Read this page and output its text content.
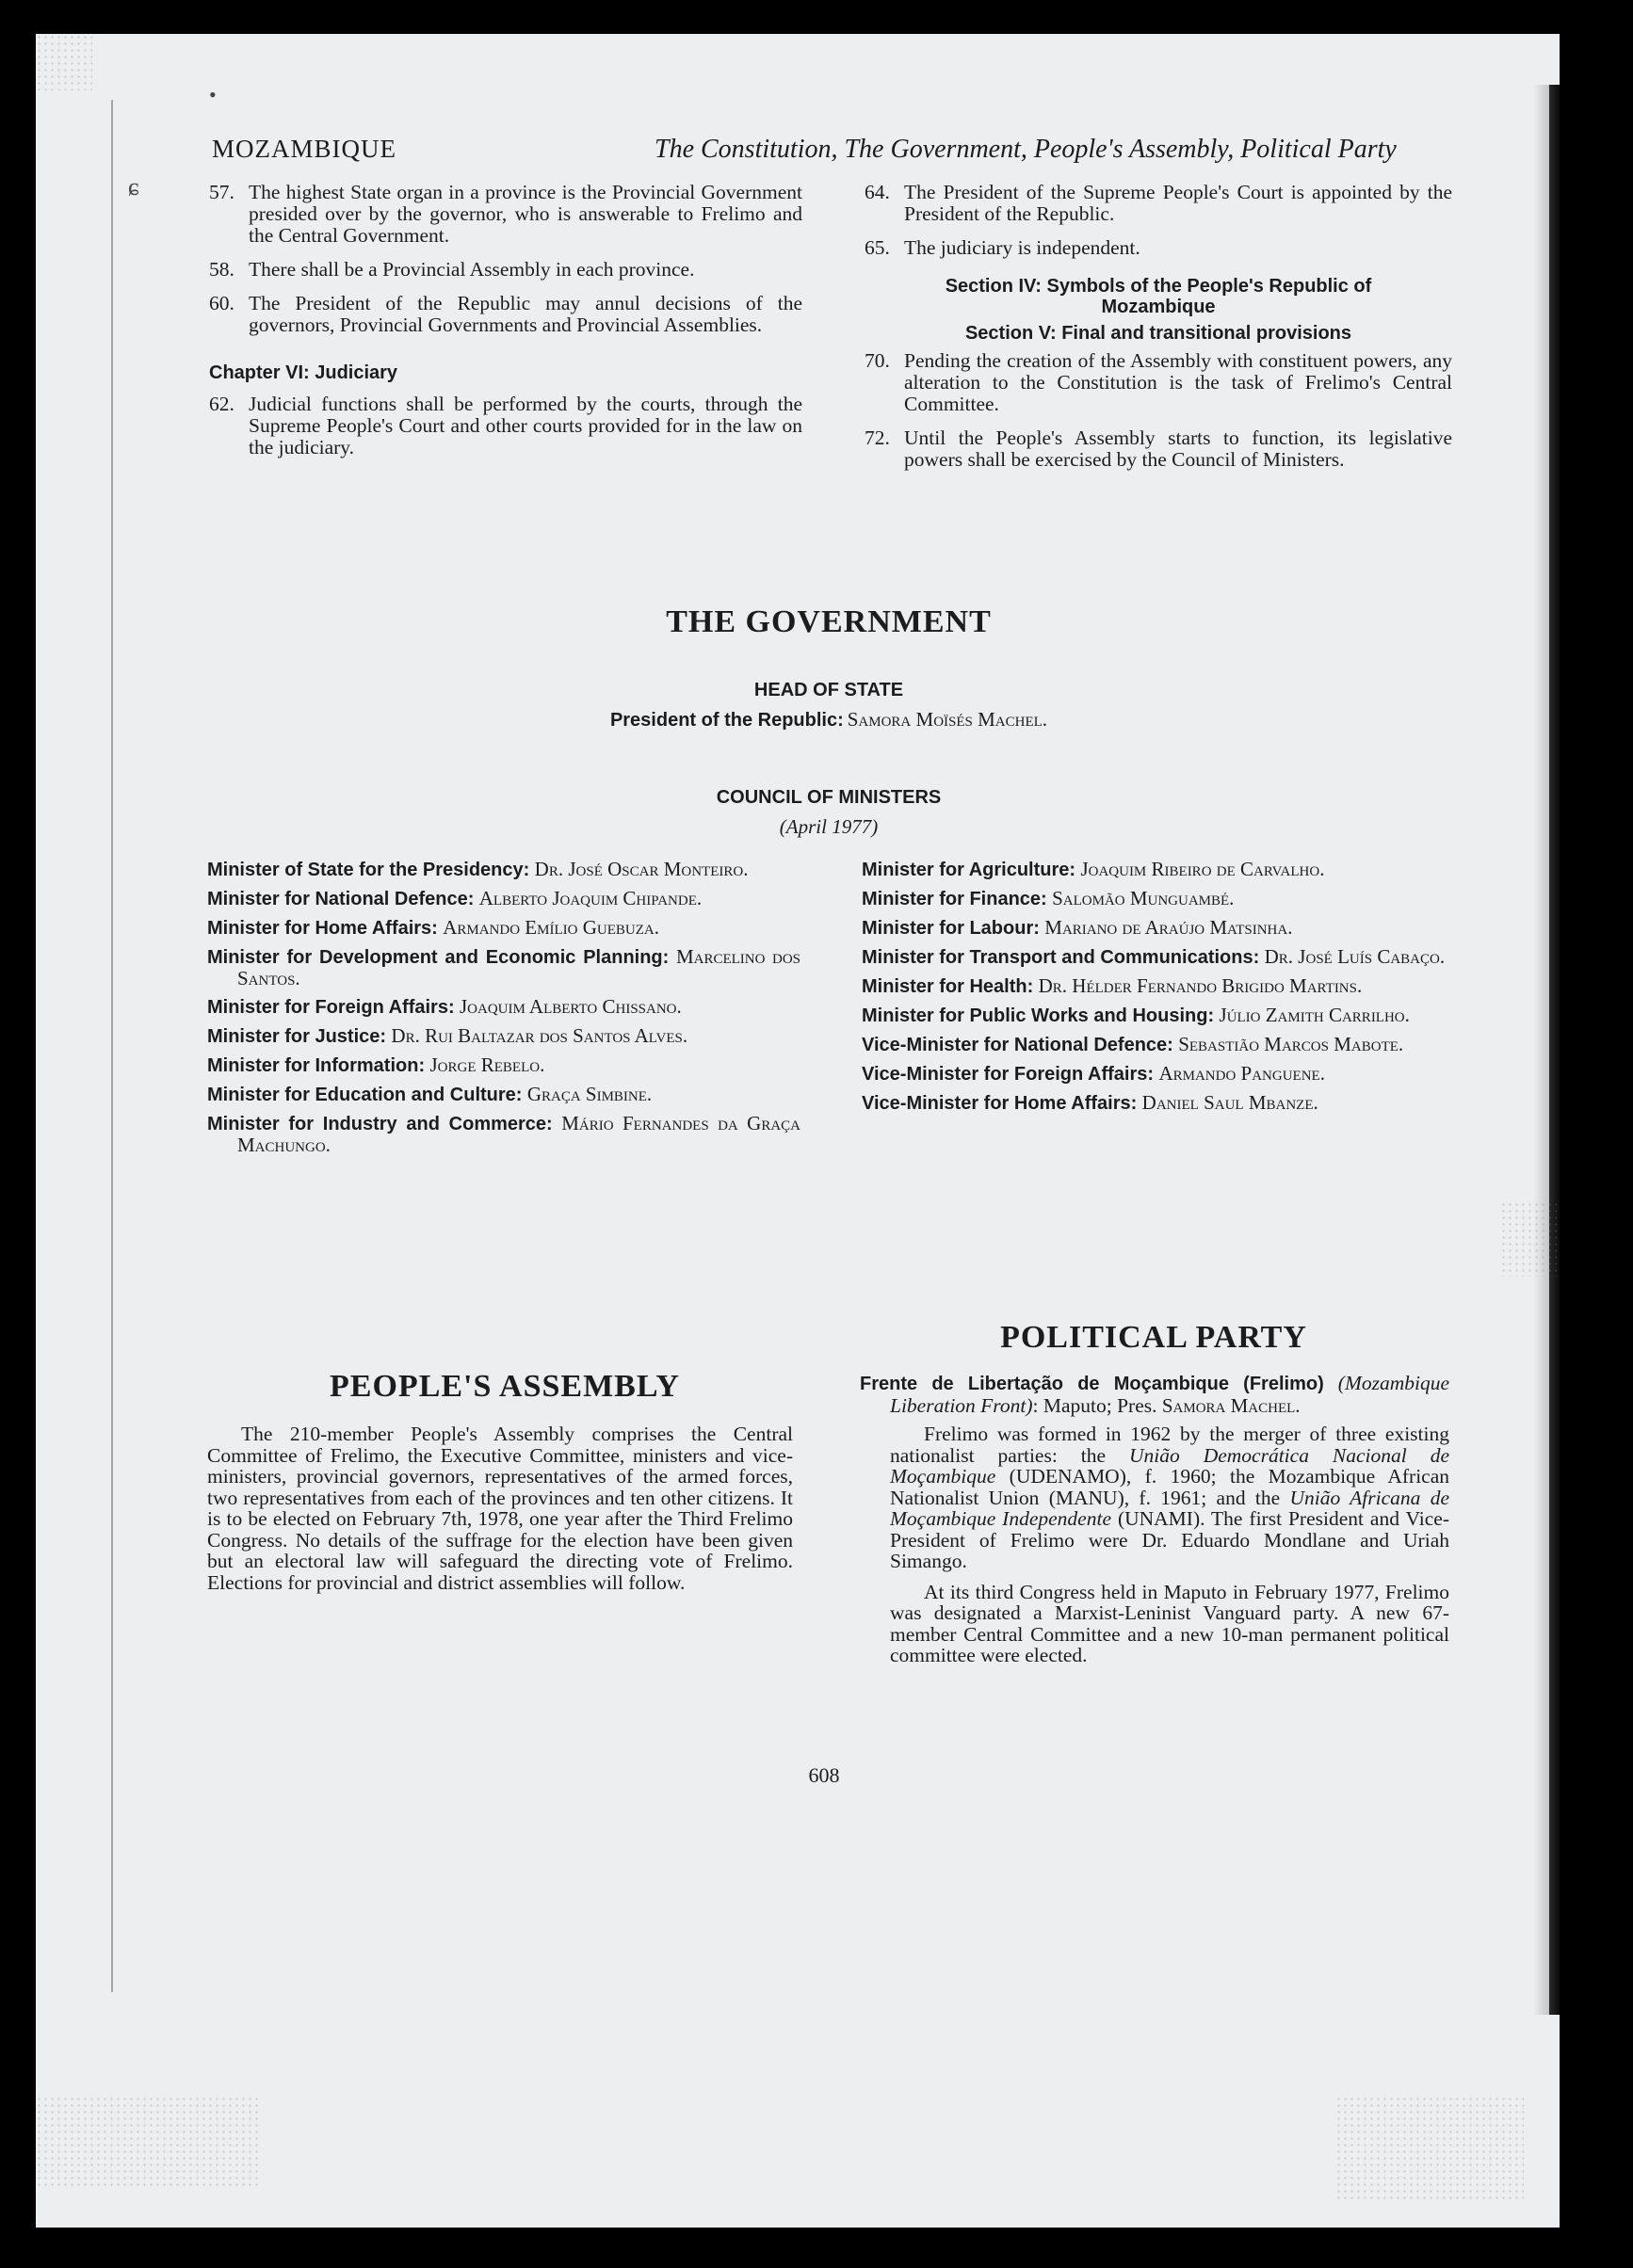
•
ɕ
MOZAMBIQUE	The Constitution, The Government, People's Assembly, Political Party
57. The highest State organ in a province is the Provincial Government presided over by the governor, who is answerable to Frelimo and the Central Government.
58. There shall be a Provincial Assembly in each province.
60. The President of the Republic may annul decisions of the governors, Provincial Governments and Provincial Assemblies.
Chapter VI: Judiciary
62. Judicial functions shall be performed by the courts, through the Supreme People's Court and other courts provided for in the law on the judiciary.
64. The President of the Supreme People's Court is appointed by the President of the Republic.
65. The judiciary is independent.
Section IV: Symbols of the People's Republic of Mozambique
Section V: Final and transitional provisions
70. Pending the creation of the Assembly with constituent powers, any alteration to the Constitution is the task of Frelimo's Central Committee.
72. Until the People's Assembly starts to function, its legislative powers shall be exercised by the Council of Ministers.
THE GOVERNMENT
HEAD OF STATE
President of the Republic: Samora Moïsés Machel.
COUNCIL OF MINISTERS
(April 1977)
Minister of State for the Presidency: Dr. José Oscar Monteiro.
Minister for National Defence: Alberto Joaquim Chipande.
Minister for Home Affairs: Armando Emílio Guebuza.
Minister for Development and Economic Planning: Marcelino dos Santos.
Minister for Foreign Affairs: Joaquim Alberto Chissano.
Minister for Justice: Dr. Rui Baltazar dos Santos Alves.
Minister for Information: Jorge Rebelo.
Minister for Education and Culture: Graça Simbine.
Minister for Industry and Commerce: Mário Fernandes da Graça Machungo.
Minister for Agriculture: Joaquim Ribeiro de Carvalho.
Minister for Finance: Salomão Munguambé.
Minister for Labour: Mariano de Araújo Matsinha.
Minister for Transport and Communications: Dr. José Luís Cabaço.
Minister for Health: Dr. Hélder Fernando Brigido Martins.
Minister for Public Works and Housing: Júlio Zamith Carrilho.
Vice-Minister for National Defence: Sebastião Marcos Mabote.
Vice-Minister for Foreign Affairs: Armando Panguene.
Vice-Minister for Home Affairs: Daniel Saul Mbanze.
PEOPLE'S ASSEMBLY
The 210-member People's Assembly comprises the Central Committee of Frelimo, the Executive Committee, ministers and vice-ministers, provincial governors, representatives of the armed forces, two representatives from each of the provinces and ten other citizens. It is to be elected on February 7th, 1978, one year after the Third Frelimo Congress. No details of the suffrage for the election have been given but an electoral law will safeguard the directing vote of Frelimo. Elections for provincial and district assemblies will follow.
POLITICAL PARTY
Frente de Libertação de Moçambique (Frelimo) (Mozambique Liberation Front): Maputo; Pres. Samora Machel.
Frelimo was formed in 1962 by the merger of three existing nationalist parties: the União Democrática Nacional de Moçambique (UDENAMO), f. 1960; the Mozambique African Nationalist Union (MANU), f. 1961; and the União Africana de Moçambique Independente (UNAMI). The first President and Vice-President of Frelimo were Dr. Eduardo Mondlane and Uriah Simango.
At its third Congress held in Maputo in February 1977, Frelimo was designated a Marxist-Leninist Vanguard party. A new 67-member Central Committee and a new 10-man permanent political committee were elected.
608
